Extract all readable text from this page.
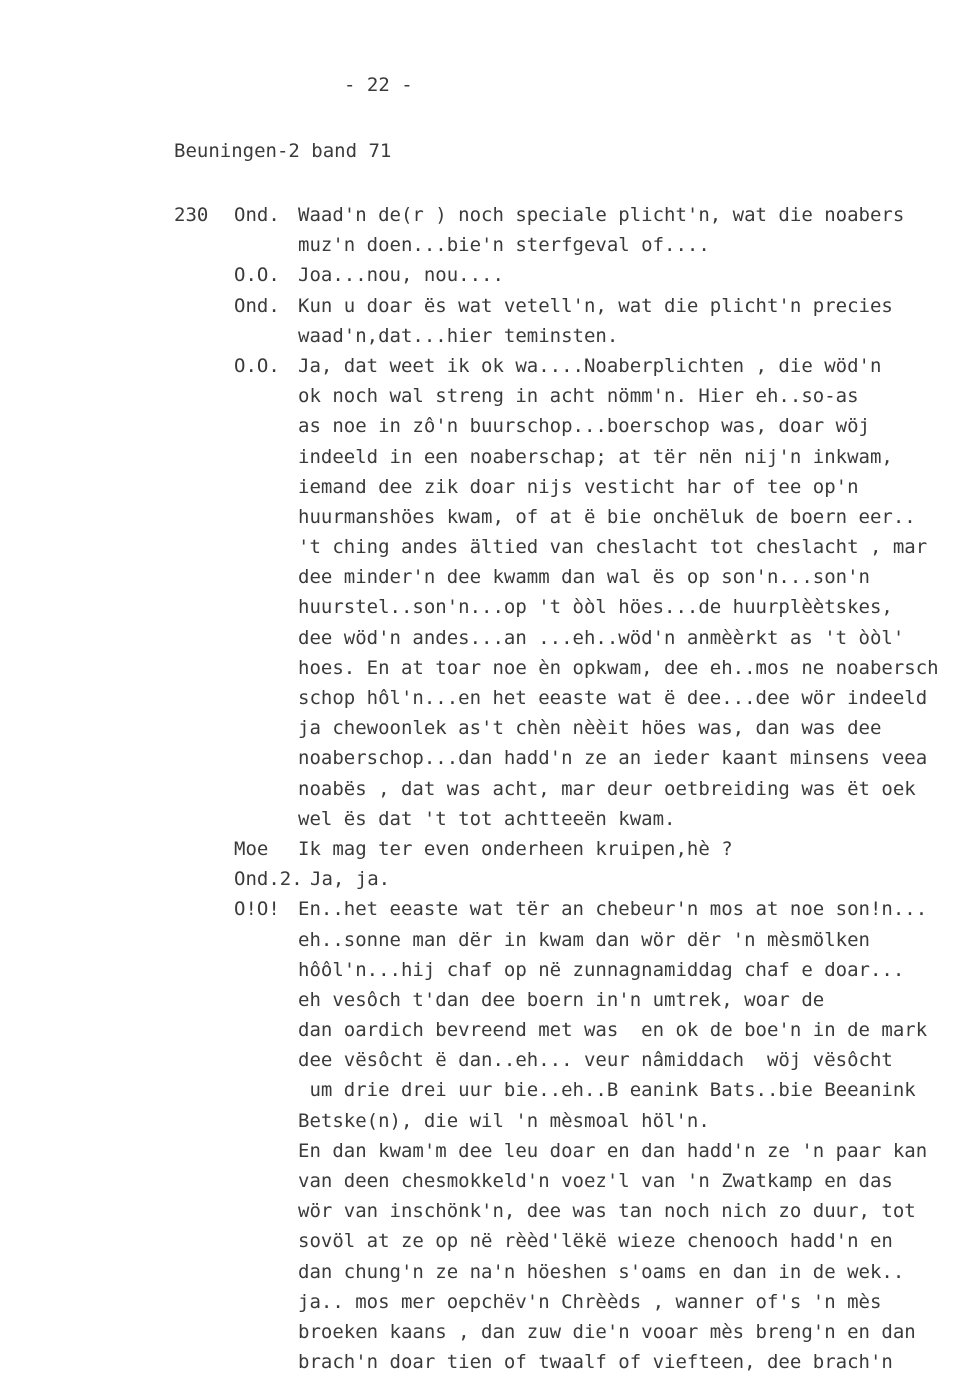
- 22 -
Beuningen-2 band 71
230 Ond. Waad'n de(r ) noch speciale plicht'n, wat die noabers
muz'n doen...bie'n sterfgeval of....
O.O. Joa...nou, nou....
Ond. Kun u doar ës wat vetell'n, wat die plicht'n precies
waad'n,dat...hier teminsten.
O.O. Ja, dat weet ik ok wa....Noaberplichten , die wöd'n
ok noch wal streng in acht nömm'n. Hier eh..so-as
as noe in zô'n buurschop...boerschop was, doar wöj
indeeld in een noaberschap; at tër nën nij'n inkwam,
iemand dee zik doar nijs vesticht har of tee op'n
huurmanshöes kwam, of at ë bie onchëluk de boern eer..
't ching andes ältied van cheslacht tot cheslacht , mar
dee minder'n dee kwamm dan wal ës op son'n...son'n
huurstel..son'n...op 't òòl höes...de huurplèètskes,
dee wöd'n andes...an ...eh..wöd'n anmèèrkt as 't òòl'
hoes. En at toar noe èn opkwam, dee eh..mos ne noabersch
schop hôl'n...en het eeaste wat ë dee...dee wör indeeld
ja chewoonlek as't chèn nèèit höes was, dan was dee
noaberschop...dan hadd'n ze an ieder kaant minsens veea
noabës , dat was acht, mar deur oetbreiding was ët oek
wel ës dat 't tot achtteeën kwam.
Moe Ik mag ter even onderheen kruipen,hè ?
Ond.2. Ja, ja.
O!O! En..het eeaste wat tër an chebeur'n mos at noe son!n...
eh..sonne man dër in kwam dan wör dër 'n mèsmölken
hôôl'n...hij chaf op në zunnagnamiddag chaf e doar...
eh vesôch t'dan dee boern in'n umtrek, woar de
dan oardich bevreend met was  en ok de boe'n in de mark
dee vësôcht ë dan..eh... veur nâmiddach  wöj vësôcht
um drie drei uur bie..eh..B eanink Bats..bie Beeanink
Betske(n), die wil 'n mèsmoal höl'n.
En dan kwam'm dee leu doar en dan hadd'n ze 'n paar kan
van deen chesmokkeld'n voez'l van 'n Zwatkamp en das
wör van inschönk'n, dee was tan noch nich zo duur, tot
sovöl at ze op në rèèd'lëkë wieze chenooch hadd'n en
dan chung'n ze na'n höeshen s'oams en dan in de wek..
ja.. mos mer oepchëv'n Chrèèds , wanner of's 'n mès
broeken kaans , dan zuw die'n vooar mès breng'n en dan
brach'n doar tien of twaalf of viefteen, dee brach'n
